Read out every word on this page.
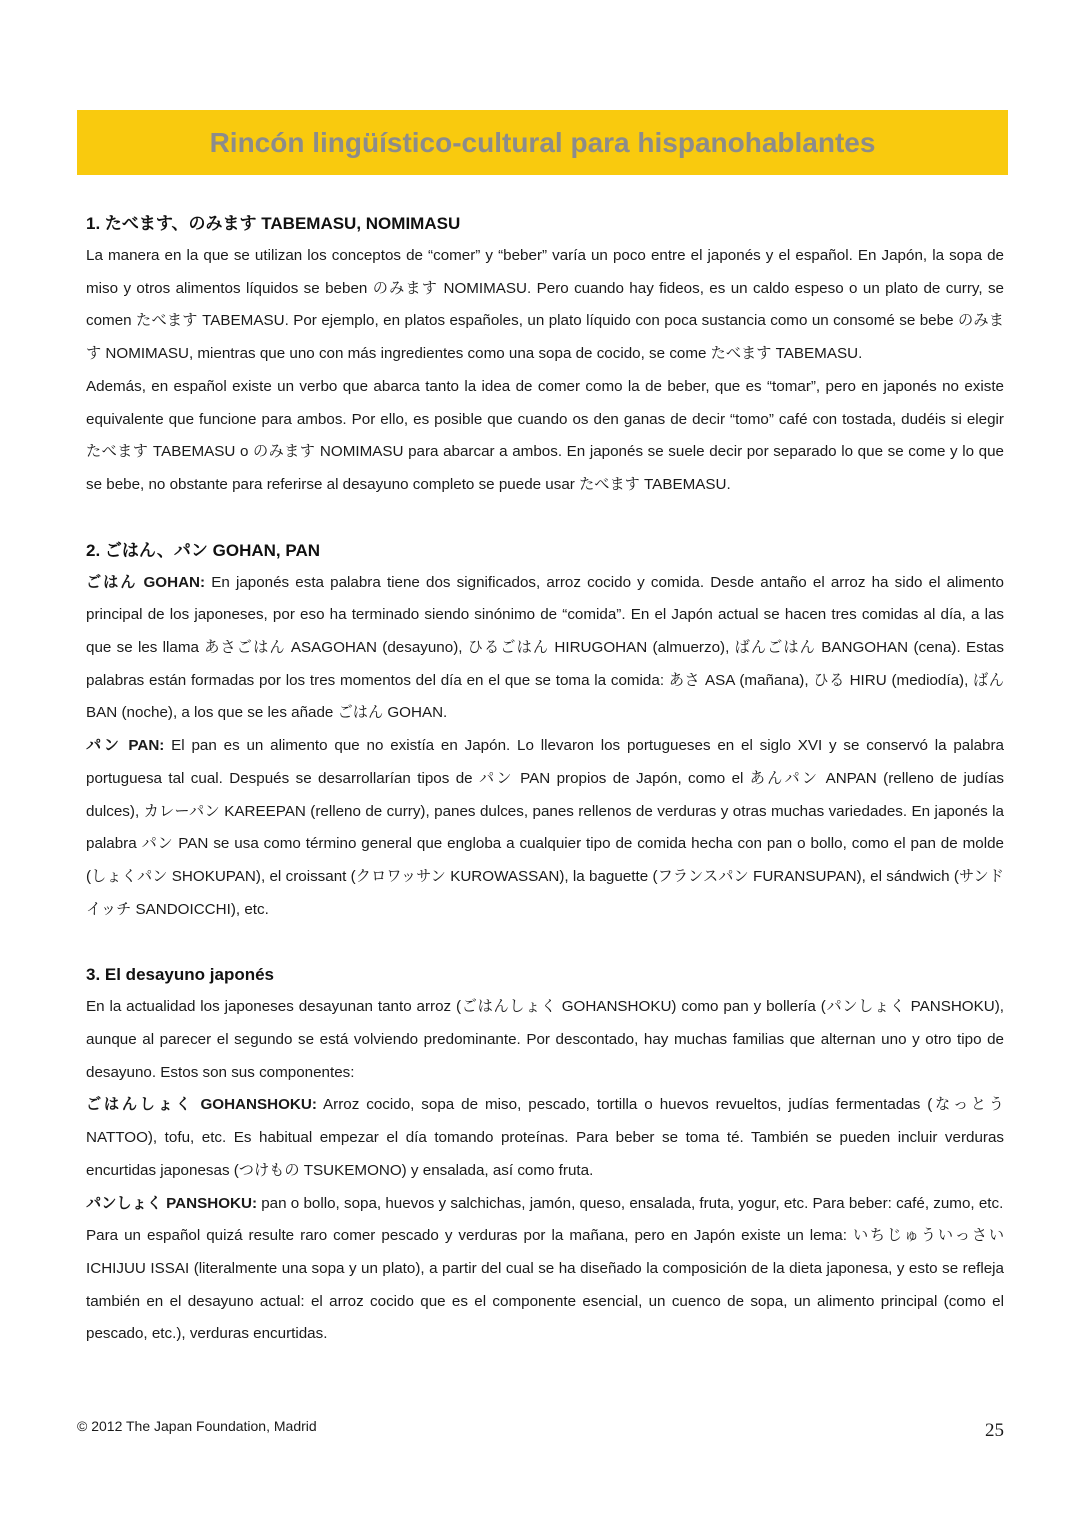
Rincón lingüístico-cultural para hispanohablantes
1. たべます、のみます TABEMASU, NOMIMASU

La manera en la que se utilizan los conceptos de “comer” y “beber” varía un poco entre el japonés y el español. En Japón, la sopa de miso y otros alimentos líquidos se beben のみます NOMIMASU. Pero cuando hay fideos, es un caldo espeso o un plato de curry, se comen たべます TABEMASU. Por ejemplo, en platos españoles, un plato líquido con poca sustancia como un consomé se bebe のみます NOMIMASU, mientras que uno con más ingredientes como una sopa de cocido, se come たべます TABEMASU.

Además, en español existe un verbo que abarca tanto la idea de comer como la de beber, que es “tomar”, pero en japonés no existe equivalente que funcione para ambos. Por ello, es posible que cuando os den ganas de decir “tomo” café con tostada, dudéis si elegir たべます TABEMASU o のみます NOMIMASU para abarcar a ambos. En japonés se suele decir por separado lo que se come y lo que se bebe, no obstante para referirse al desayuno completo se puede usar たべます TABEMASU.

2. ごはん、パン GOHAN, PAN

ごはん GOHAN: En japonés esta palabra tiene dos significados, arroz cocido y comida. Desde antaño el arroz ha sido el alimento principal de los japoneses, por eso ha terminado siendo sinónimo de “comida”. En el Japón actual se hacen tres comidas al día, a las que se les llama あさごはん ASAGOHAN (desayuno), ひるごはん HIRUGOHAN (almuerzo), ばんごはん BANGOHAN (cena). Estas palabras están formadas por los tres momentos del día en el que se toma la comida: あさ ASA (mañana), ひる HIRU (mediodía), ばん BAN (noche), a los que se les añade ごはん GOHAN.

パン PAN: El pan es un alimento que no existía en Japón. Lo llevaron los portugueses en el siglo XVI y se conservó la palabra portuguesa tal cual. Después se desarrollarían tipos de パン PAN propios de Japón, como el あんパン ANPAN (relleno de judías dulces), カレーパン KAREEPAN (relleno de curry), panes dulces, panes rellenos de verduras y otras muchas variedades. En japonés la palabra パン PAN se usa como término general que engloba a cualquier tipo de comida hecha con pan o bollo, como el pan de molde (しょくパン SHOKUPAN), el croissant (クロワッサン KUROWASSAN), la baguette (フランスパン FURANSUPAN), el sándwich (サンドイッチ SANDOICCHI), etc.

3. El desayuno japonés

En la actualidad los japoneses desayunan tanto arroz (ごはんしょく GOHANSHOKU) como pan y bollería (パンしょく PANSHOKU), aunque al parecer el segundo se está volviendo predominante. Por descontado, hay muchas familias que alternan uno y otro tipo de desayuno. Estos son sus componentes:

ごはんしょく GOHANSHOKU: Arroz cocido, sopa de miso, pescado, tortilla o huevos revueltos, judías fermentadas (なっとう NATTOO), tofu, etc. Es habitual empezar el día tomando proteínas. Para beber se toma té. También se pueden incluir verduras encurtidas japonesas (つけもの TSUKEMONO) y ensalada, así como fruta.

パンしょく PANSHOKU: pan o bollo, sopa, huevos y salchichas, jamón, queso, ensalada, fruta, yogur, etc. Para beber: café, zumo, etc.

Para un español quizá resulte raro comer pescado y verduras por la mañana, pero en Japón existe un lema: いちじゅういっさい ICHIJUU ISSAI (literalmente una sopa y un plato), a partir del cual se ha diseñado la composición de la dieta japonesa, y esto se refleja también en el desayuno actual: el arroz cocido que es el componente esencial, un cuenco de sopa, un alimento principal (como el pescado, etc.), verduras encurtidas.

© 2012 The Japan Foundation, Madrid	25
